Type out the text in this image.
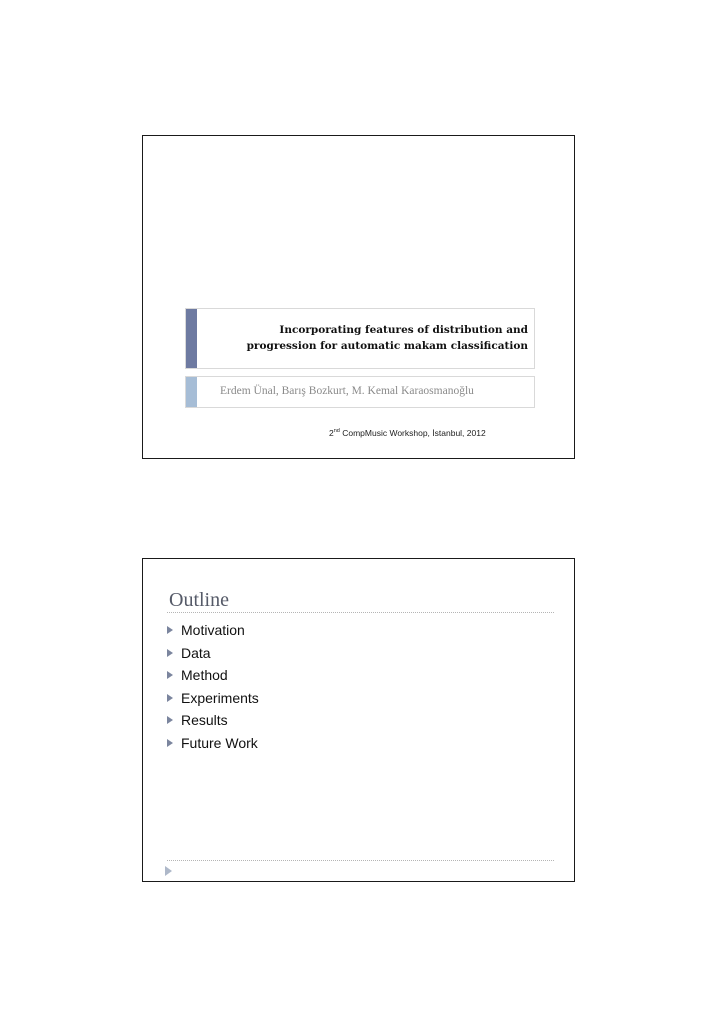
Incorporating features of distribution and
progression for automatic makam classification
Erdem Ünal, Barış Bozkurt, M. Kemal Karaosmanoğlu
2nd CompMusic Workshop, İstanbul, 2012
Outline
Motivation
Data
Method
Experiments
Results
Future Work
